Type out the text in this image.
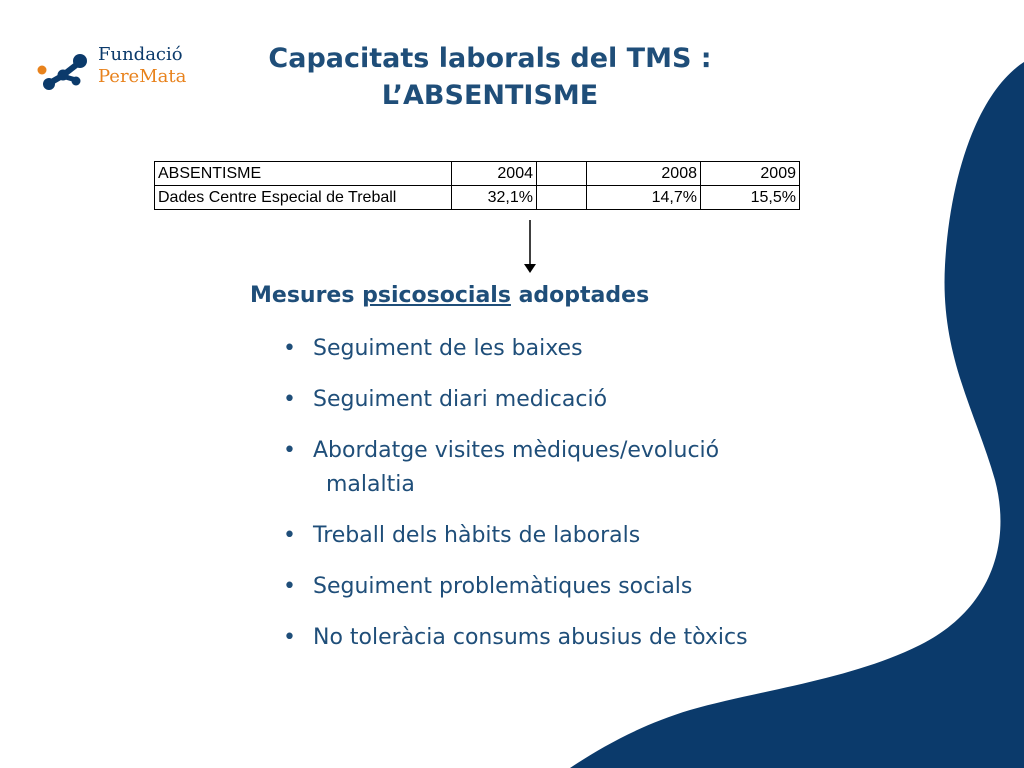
Fundació
PereMata
Capacitats laborals del TMS :
L’ABSENTISME
ABSENTISME	2004		2008	2009
Dades Centre Especial de Treball	32,1%		14,7%	15,5%
Mesures psicosocials adoptades
• Seguiment de les baixes
• Seguiment diari medicació
• Abordatge visites mèdiques/evolució
malaltia
• Treball dels hàbits de laborals
• Seguiment problemàtiques socials
• No toleràcia consums abusius de tòxics
